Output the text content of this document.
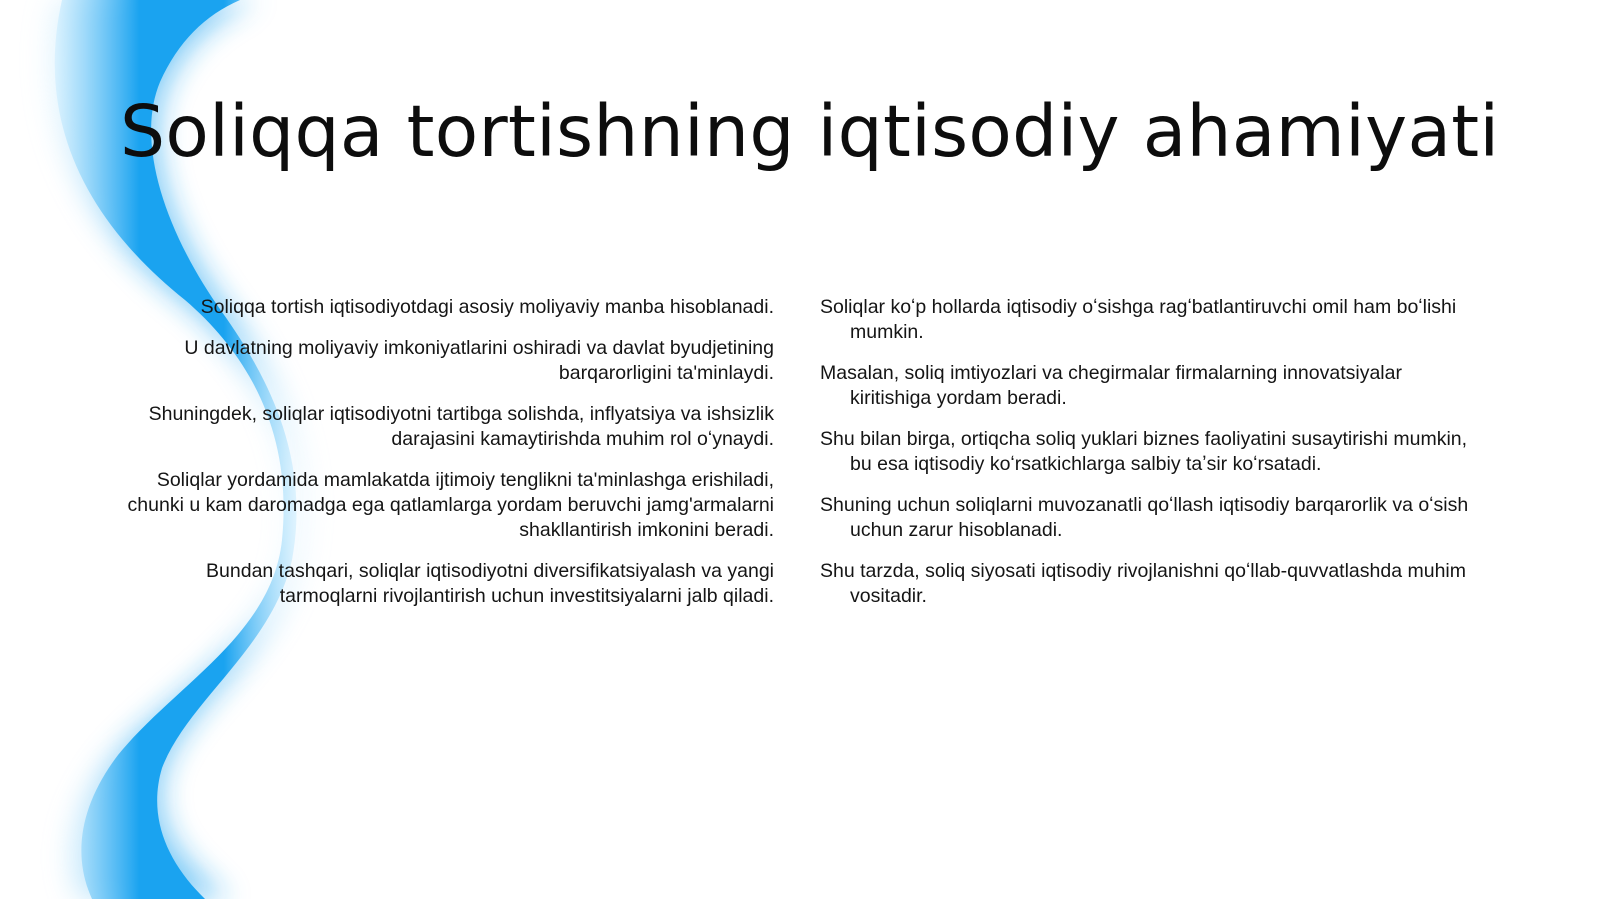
Soliqqa tortishning iqtisodiy ahamiyati

Soliqqa tortish iqtisodiyotdagi asosiy moliyaviy manba hisoblanadi.

U davlatning moliyaviy imkoniyatlarini oshiradi va davlat byudjetining barqarorligini ta'minlaydi.

Shuningdek, soliqlar iqtisodiyotni tartibga solishda, inflyatsiya va ishsizlik darajasini kamaytirishda muhim rol oʻynaydi.

Soliqlar yordamida mamlakatda ijtimoiy tenglikni ta'minlashga erishiladi, chunki u kam daromadga ega qatlamlarga yordam beruvchi jamg'armalarni shakllantirish imkonini beradi.

Bundan tashqari, soliqlar iqtisodiyotni diversifikatsiyalash va yangi tarmoqlarni rivojlantirish uchun investitsiyalarni jalb qiladi.

Soliqlar koʻp hollarda iqtisodiy oʻsishga ragʻbatlantiruvchi omil ham boʻlishi mumkin.

Masalan, soliq imtiyozlari va chegirmalar firmalarning innovatsiyalar kiritishiga yordam beradi.

Shu bilan birga, ortiqcha soliq yuklari biznes faoliyatini susaytirishi mumkin, bu esa iqtisodiy koʻrsatkichlarga salbiy taʼsir koʻrsatadi.

Shuning uchun soliqlarni muvozanatli qoʻllash iqtisodiy barqarorlik va oʻsish uchun zarur hisoblanadi.

Shu tarzda, soliq siyosati iqtisodiy rivojlanishni qoʻllab-quvvatlashda muhim vositadir.
